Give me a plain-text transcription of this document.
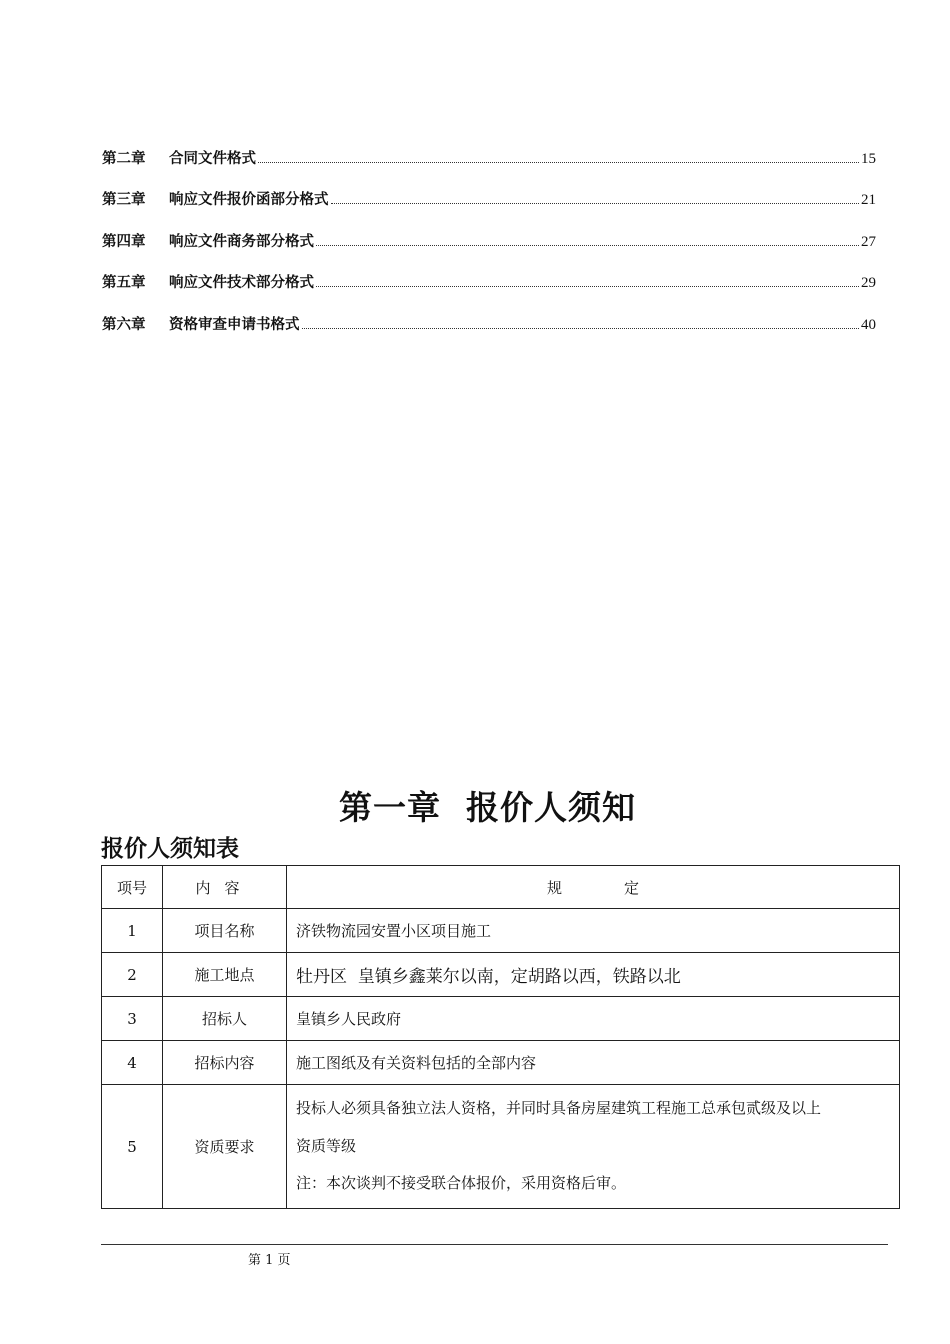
第二章	合同文件格式	15
第三章	响应文件报价函部分格式	21
第四章	响应文件商务部分格式	27
第五章	响应文件技术部分格式	29
第六章	资格审查申请书格式	40
第一章  报价人须知
报价人须知表
项号	内容	规定
1	项目名称	济铁物流园安置小区项目施工
2	施工地点	牡丹区  皇镇乡鑫莱尔以南，定胡路以西，铁路以北
3	招标人	皇镇乡人民政府
4	招标内容	施工图纸及有关资料包括的全部内容
5	资质要求	投标人必须具备独立法人资格，并同时具备房屋建筑工程施工总承包贰级及以上

资质等级

注：本次谈判不接受联合体报价，采用资格后审。

第 1 页
